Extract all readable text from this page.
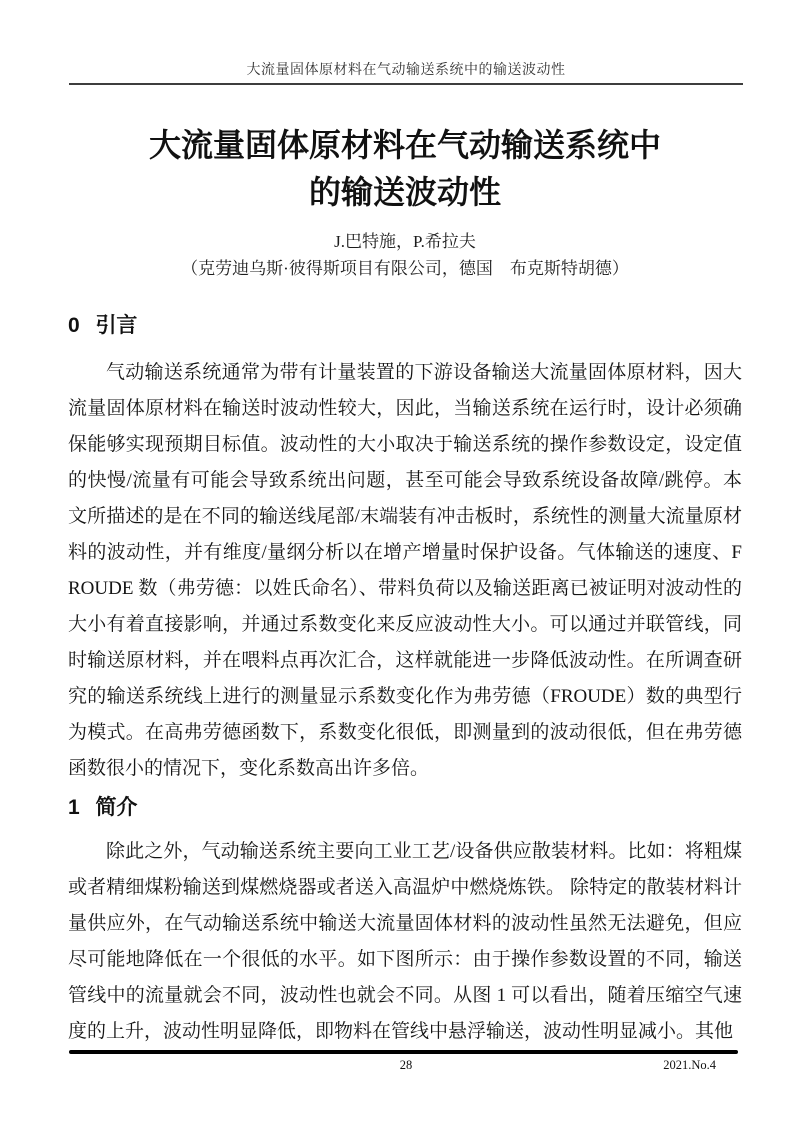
大流量固体原材料在气动输送系统中的输送波动性
大流量固体原材料在气动输送系统中
的输送波动性
J.巴特施，P.希拉夫
（克劳迪乌斯·彼得斯项目有限公司，德国　布克斯特胡德）
0 引言

气动输送系统通常为带有计量装置的下游设备输送大流量固体原材料，因大流量固体原材料在输送时波动性较大，因此，当输送系统在运行时，设计必须确保能够实现预期目标值。波动性的大小取决于输送系统的操作参数设定，设定值的快慢/流量有可能会导致系统出问题，甚至可能会导致系统设备故障/跳停。本文所描述的是在不同的输送线尾部/末端装有冲击板时，系统性的测量大流量原材料的波动性，并有维度/量纲分析以在增产增量时保护设备。气体输送的速度、FROUDE 数（弗劳德：以姓氏命名）、带料负荷以及输送距离已被证明对波动性的大小有着直接影响，并通过系数变化来反应波动性大小。可以通过并联管线，同时输送原材料，并在喂料点再次汇合，这样就能进一步降低波动性。在所调查研究的输送系统线上进行的测量显示系数变化作为弗劳德（FROUDE）数的典型行为模式。在高弗劳德函数下，系数变化很低，即测量到的波动很低，但在弗劳德函数很小的情况下，变化系数高出许多倍。

1 简介

除此之外，气动输送系统主要向工业工艺/设备供应散装材料。比如：将粗煤或者精细煤粉输送到煤燃烧器或者送入高温炉中燃烧炼铁。 除特定的散装材料计量供应外，在气动输送系统中输送大流量固体材料的波动性虽然无法避免，但应尽可能地降低在一个很低的水平。如下图所示：由于操作参数设置的不同，输送管线中的流量就会不同，波动性也就会不同。从图 1 可以看出，随着压缩空气速度的上升，波动性明显降低，即物料在管线中悬浮输送，波动性明显减小。其他

28	2021.No.4
